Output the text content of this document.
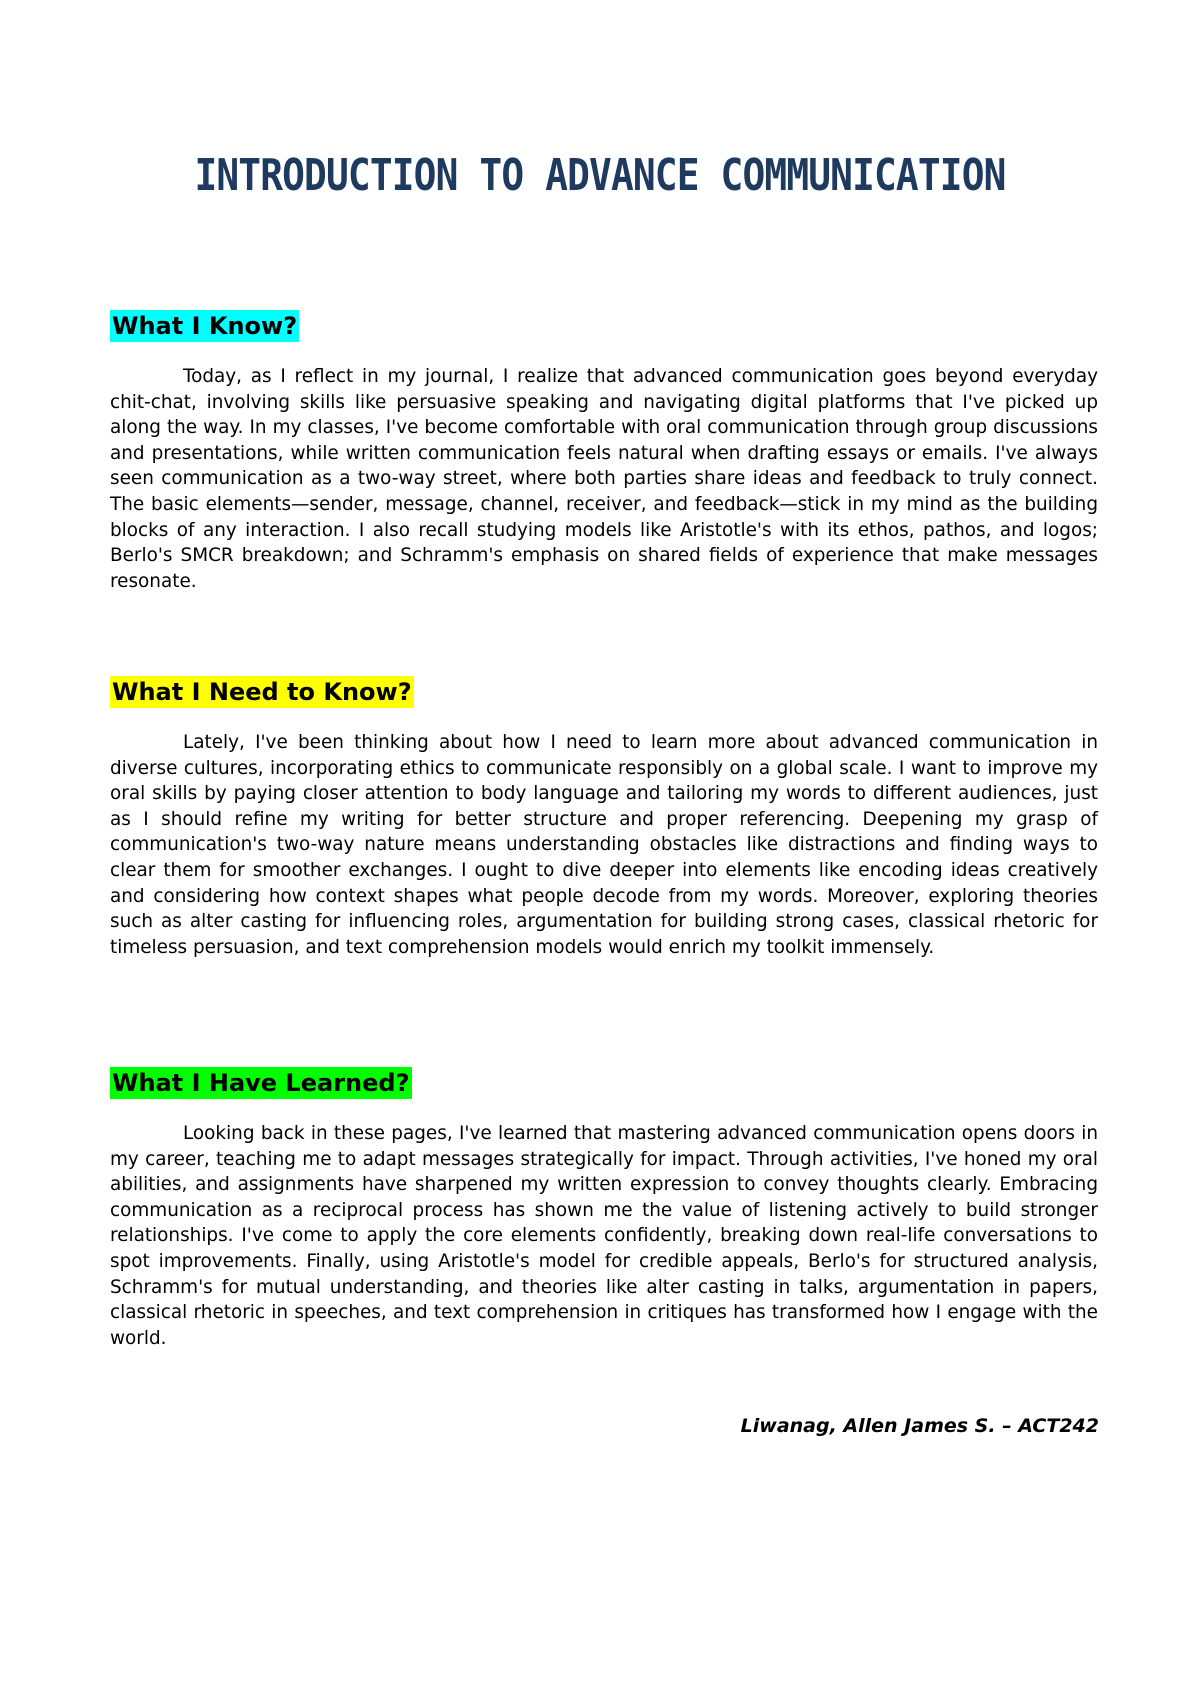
INTRODUCTION TO ADVANCE COMMUNICATION
What I Know?

Today, as I reflect in my journal, I realize that advanced communication goes beyond everyday chit-chat, involving skills like persuasive speaking and navigating digital platforms that I've picked up along the way. In my classes, I've become comfortable with oral communication through group discussions and presentations, while written communication feels natural when drafting essays or emails. I've always seen communication as a two-way street, where both parties share ideas and feedback to truly connect. The basic elements—sender, message, channel, receiver, and feedback—stick in my mind as the building blocks of any interaction. I also recall studying models like Aristotle's with its ethos, pathos, and logos; Berlo's SMCR breakdown; and Schramm's emphasis on shared fields of experience that make messages resonate.

What I Need to Know?

Lately, I've been thinking about how I need to learn more about advanced communication in diverse cultures, incorporating ethics to communicate responsibly on a global scale. I want to improve my oral skills by paying closer attention to body language and tailoring my words to different audiences, just as I should refine my writing for better structure and proper referencing. Deepening my grasp of communication's two-way nature means understanding obstacles like distractions and finding ways to clear them for smoother exchanges. I ought to dive deeper into elements like encoding ideas creatively and considering how context shapes what people decode from my words. Moreover, exploring theories such as alter casting for influencing roles, argumentation for building strong cases, classical rhetoric for timeless persuasion, and text comprehension models would enrich my toolkit immensely.

What I Have Learned?

Looking back in these pages, I've learned that mastering advanced communication opens doors in my career, teaching me to adapt messages strategically for impact. Through activities, I've honed my oral abilities, and assignments have sharpened my written expression to convey thoughts clearly. Embracing communication as a reciprocal process has shown me the value of listening actively to build stronger relationships. I've come to apply the core elements confidently, breaking down real-life conversations to spot improvements. Finally, using Aristotle's model for credible appeals, Berlo's for structured analysis, Schramm's for mutual understanding, and theories like alter casting in talks, argumentation in papers, classical rhetoric in speeches, and text comprehension in critiques has transformed how I engage with the world.

Liwanag, Allen James S. – ACT242
